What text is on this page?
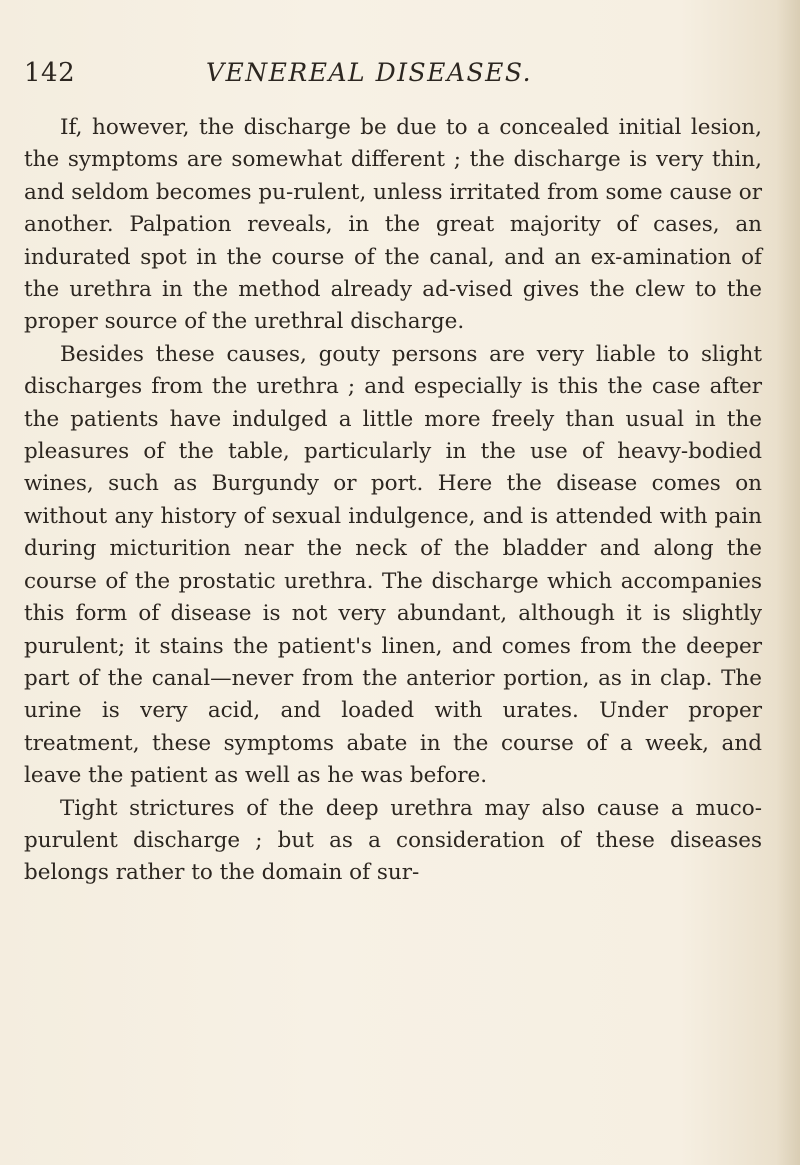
142	VENEREAL DISEASES.

If, however, the discharge be due to a concealed initial lesion, the symptoms are somewhat different ; the discharge is very thin, and seldom becomes pu-rulent, unless irritated from some cause or another. Palpation reveals, in the great majority of cases, an indurated spot in the course of the canal, and an ex-amination of the urethra in the method already ad-vised gives the clew to the proper source of the urethral discharge.

Besides these causes, gouty persons are very liable to slight discharges from the urethra ; and especially is this the case after the patients have indulged a little more freely than usual in the pleasures of the table, particularly in the use of heavy-bodied wines, such as Burgundy or port. Here the disease comes on without any history of sexual indulgence, and is attended with pain during micturition near the neck of the bladder and along the course of the prostatic urethra. The discharge which accompanies this form of disease is not very abundant, although it is slightly purulent; it stains the patient's linen, and comes from the deeper part of the canal—never from the anterior portion, as in clap. The urine is very acid, and loaded with urates. Under proper treatment, these symptoms abate in the course of a week, and leave the patient as well as he was before.

Tight strictures of the deep urethra may also cause a muco-purulent discharge ; but as a consideration of these diseases belongs rather to the domain of sur-
